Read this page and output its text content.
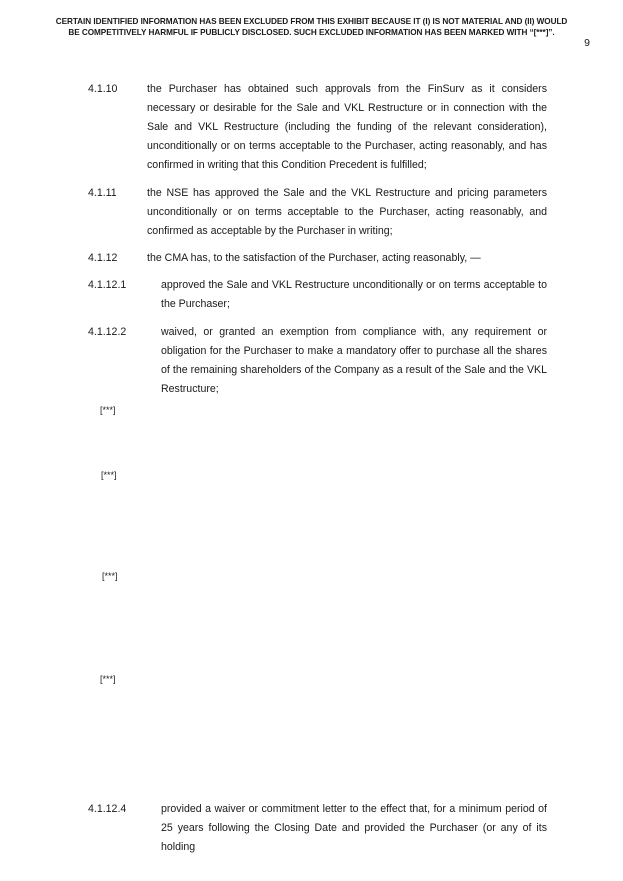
CERTAIN IDENTIFIED INFORMATION HAS BEEN EXCLUDED FROM THIS EXHIBIT BECAUSE IT (I) IS NOT MATERIAL AND (II) WOULD
BE COMPETITIVELY HARMFUL IF PUBLICLY DISCLOSED. SUCH EXCLUDED INFORMATION HAS BEEN MARKED WITH “[***]”.
9
4.1.10	the Purchaser has obtained such approvals from the FinSurv as it considers necessary or desirable for the Sale and VKL Restructure or in connection with the Sale and VKL Restructure (including the funding of the relevant consideration), unconditionally or on terms acceptable to the Purchaser, acting reasonably, and has confirmed in writing that this Condition Precedent is fulfilled;
4.1.11	the NSE has approved the Sale and the VKL Restructure and pricing parameters unconditionally or on terms acceptable to the Purchaser, acting reasonably, and confirmed as acceptable by the Purchaser in writing;
4.1.12	the CMA has, to the satisfaction of the Purchaser, acting reasonably, —
4.1.12.1	approved the Sale and VKL Restructure unconditionally or on terms acceptable to the Purchaser;
4.1.12.2	waived, or granted an exemption from compliance with, any requirement or obligation for the Purchaser to make a mandatory offer to purchase all the shares of the remaining shareholders of the Company as a result of the Sale and the VKL Restructure;
[***]
[***]
[***]
[***]
4.1.12.4	provided a waiver or commitment letter to the effect that, for a minimum period of 25 years following the Closing Date and provided the Purchaser (or any of its holding
